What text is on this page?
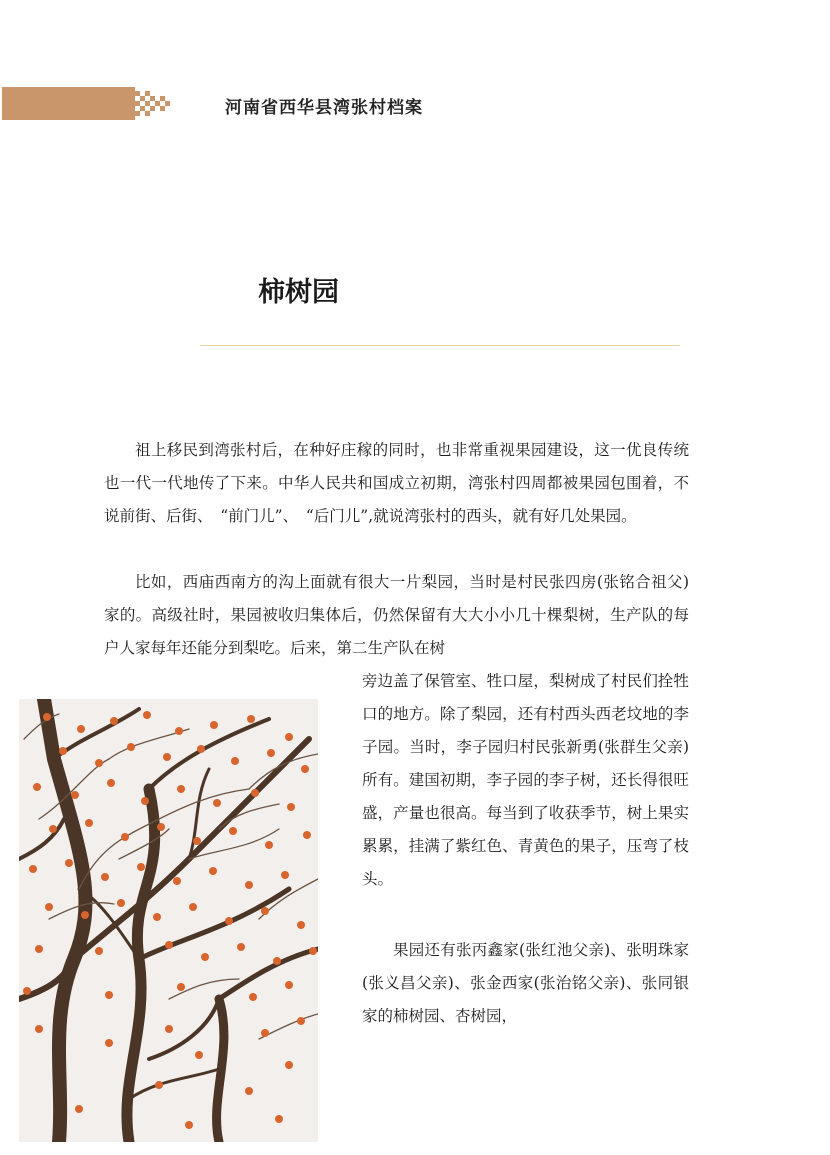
河南省西华县湾张村档案
柿树园

祖上移民到湾张村后，在种好庄稼的同时，也非常重视果园建设，这一优良传统也一代一代地传了下来。中华人民共和国成立初期，湾张村四周都被果园包围着，不说前街、后街、　“前门儿”、　“后门儿”,就说湾张村的西头，就有好几处果园。

比如，西庙西南方的沟上面就有很大一片梨园，当时是村民张四房(张铭合祖父)家的。高级社时，果园被收归集体后，仍然保留有大大小小几十棵梨树，生产队的每户人家每年还能分到梨吃。后来，第二生产队在树

旁边盖了保管室、牲口屋，梨树成了村民们拴牲口的地方。除了梨园，还有村西头西老坟地的李子园。当时，李子园归村民张新勇(张群生父亲)所有。建国初期，李子园的李子树，还长得很旺盛，产量也很高。每当到了收获季节，树上果实累累，挂满了紫红色、青黄色的果子，压弯了枝头。

果园还有张丙鑫家(张红池父亲)、张明珠家(张义昌父亲)、张金西家(张治铭父亲)、张同银家的柿树园、杏树园，
